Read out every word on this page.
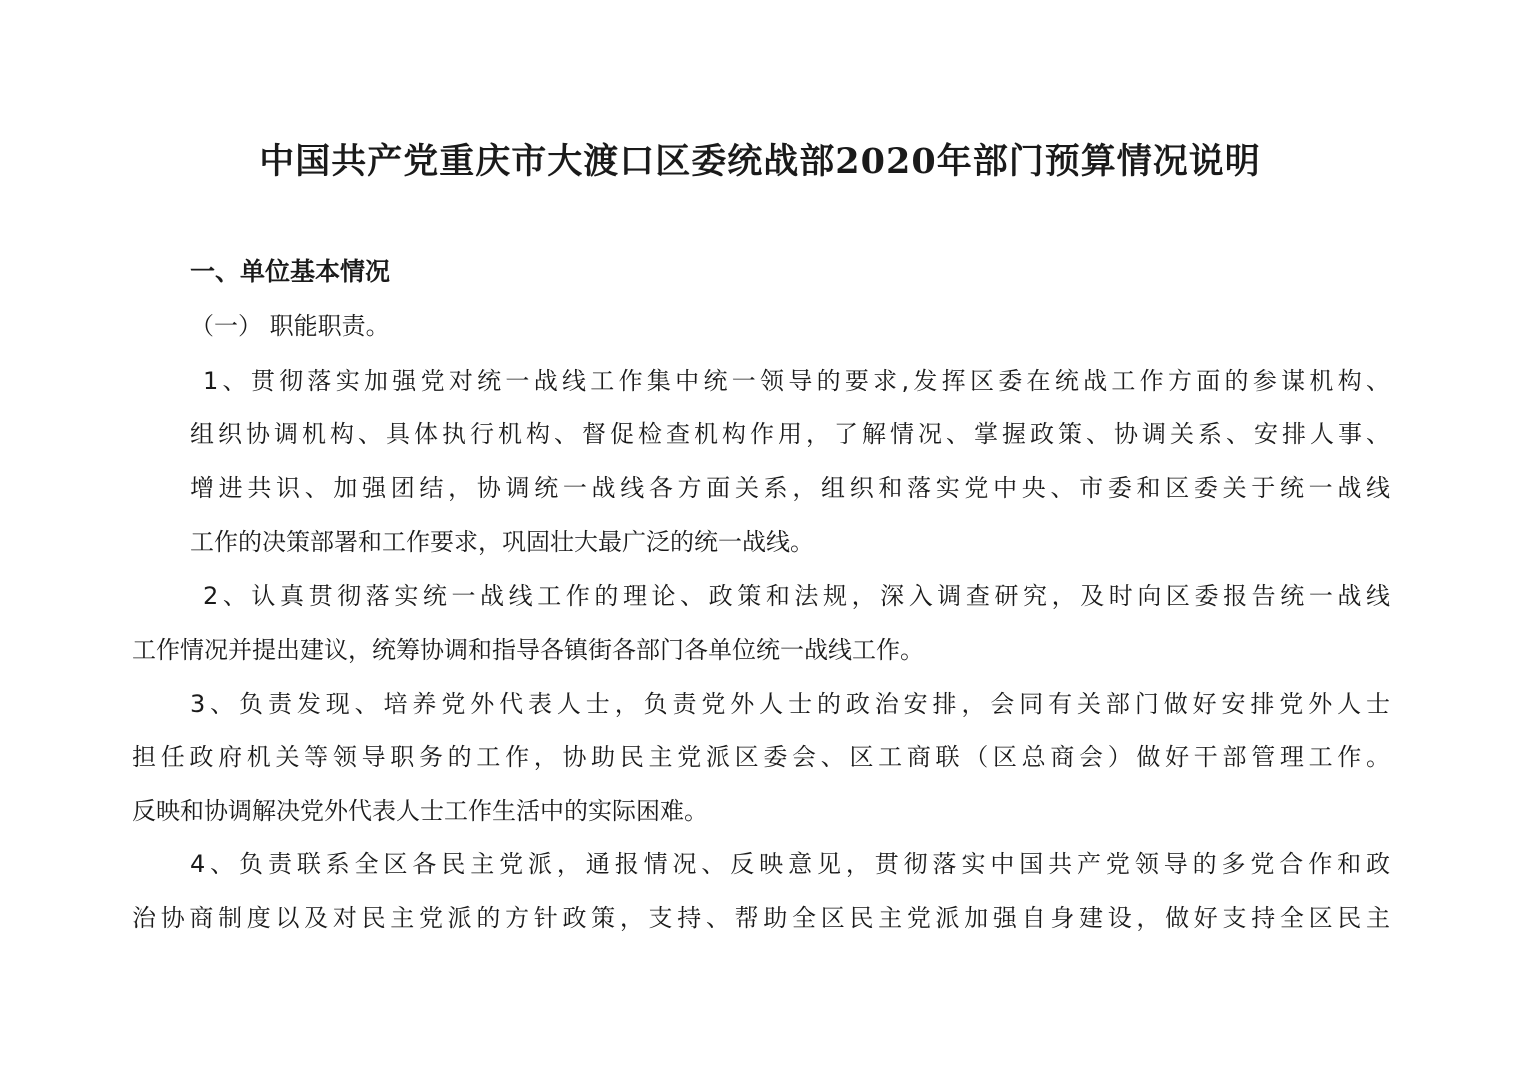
中国共产党重庆市大渡口区委统战部2020年部门预算情况说明
一、单位基本情况
（一） 职能职责。
1、贯彻落实加强党对统一战线工作集中统一领导的要求,发挥区委在统战工作方面的参谋机构、
组织协调机构、具体执行机构、督促检查机构作用，了解情况、掌握政策、协调关系、安排人事、
增进共识、加强团结，协调统一战线各方面关系，组织和落实党中央、市委和区委关于统一战线
工作的决策部署和工作要求，巩固壮大最广泛的统一战线。
2、认真贯彻落实统一战线工作的理论、政策和法规，深入调查研究，及时向区委报告统一战线
工作情况并提出建议，统筹协调和指导各镇街各部门各单位统一战线工作。
3、负责发现、培养党外代表人士，负责党外人士的政治安排，会同有关部门做好安排党外人士
担任政府机关等领导职务的工作，协助民主党派区委会、区工商联（区总商会）做好干部管理工作。
反映和协调解决党外代表人士工作生活中的实际困难。
4、负责联系全区各民主党派，通报情况、反映意见，贯彻落实中国共产党领导的多党合作和政
治协商制度以及对民主党派的方针政策，支持、帮助全区民主党派加强自身建设，做好支持全区民主
